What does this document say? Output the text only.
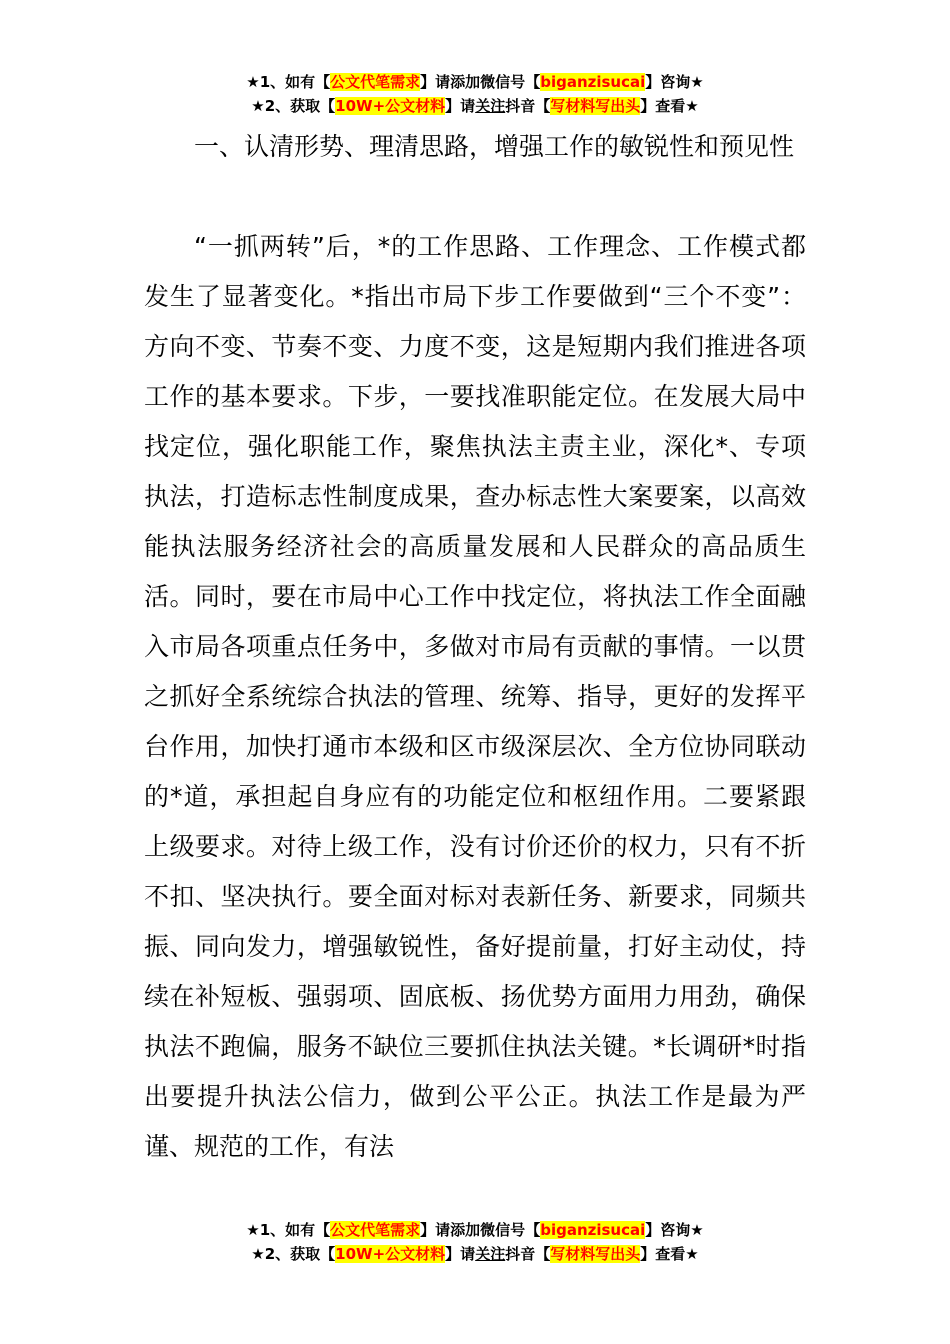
★1、如有【公文代笔需求】请添加微信号【biganzisucai】咨询★
★2、获取【10W+公文材料】请关注抖音【写材料写出头】查看★

一、认清形势、理清思路，增强工作的敏锐性和预见性

“一抓两转”后，*的工作思路、工作理念、工作模式都发生了显著变化。*指出市局下步工作要做到“三个不变”：方向不变、节奏不变、力度不变，这是短期内我们推进各项工作的基本要求。下步，一要找准职能定位。在发展大局中找定位，强化职能工作，聚焦执法主责主业，深化*、专项执法，打造标志性制度成果，查办标志性大案要案，以高效能执法服务经济社会的高质量发展和人民群众的高品质生活。同时，要在市局中心工作中找定位，将执法工作全面融入市局各项重点任务中，多做对市局有贡献的事情。一以贯之抓好全系统综合执法的管理、统筹、指导，更好的发挥平台作用，加快打通市本级和区市级深层次、全方位协同联动的*道，承担起自身应有的功能定位和枢纽作用。二要紧跟上级要求。对待上级工作，没有讨价还价的权力，只有不折不扣、坚决执行。要全面对标对表新任务、新要求，同频共振、同向发力，增强敏锐性，备好提前量，打好主动仗，持续在补短板、强弱项、固底板、扬优势方面用力用劲，确保执法不跑偏，服务不缺位三要抓住执法关键。*长调研*时指出要提升执法公信力，做到公平公正。执法工作是最为严谨、规范的工作，有法

★1、如有【公文代笔需求】请添加微信号【biganzisucai】咨询★
★2、获取【10W+公文材料】请关注抖音【写材料写出头】查看★
